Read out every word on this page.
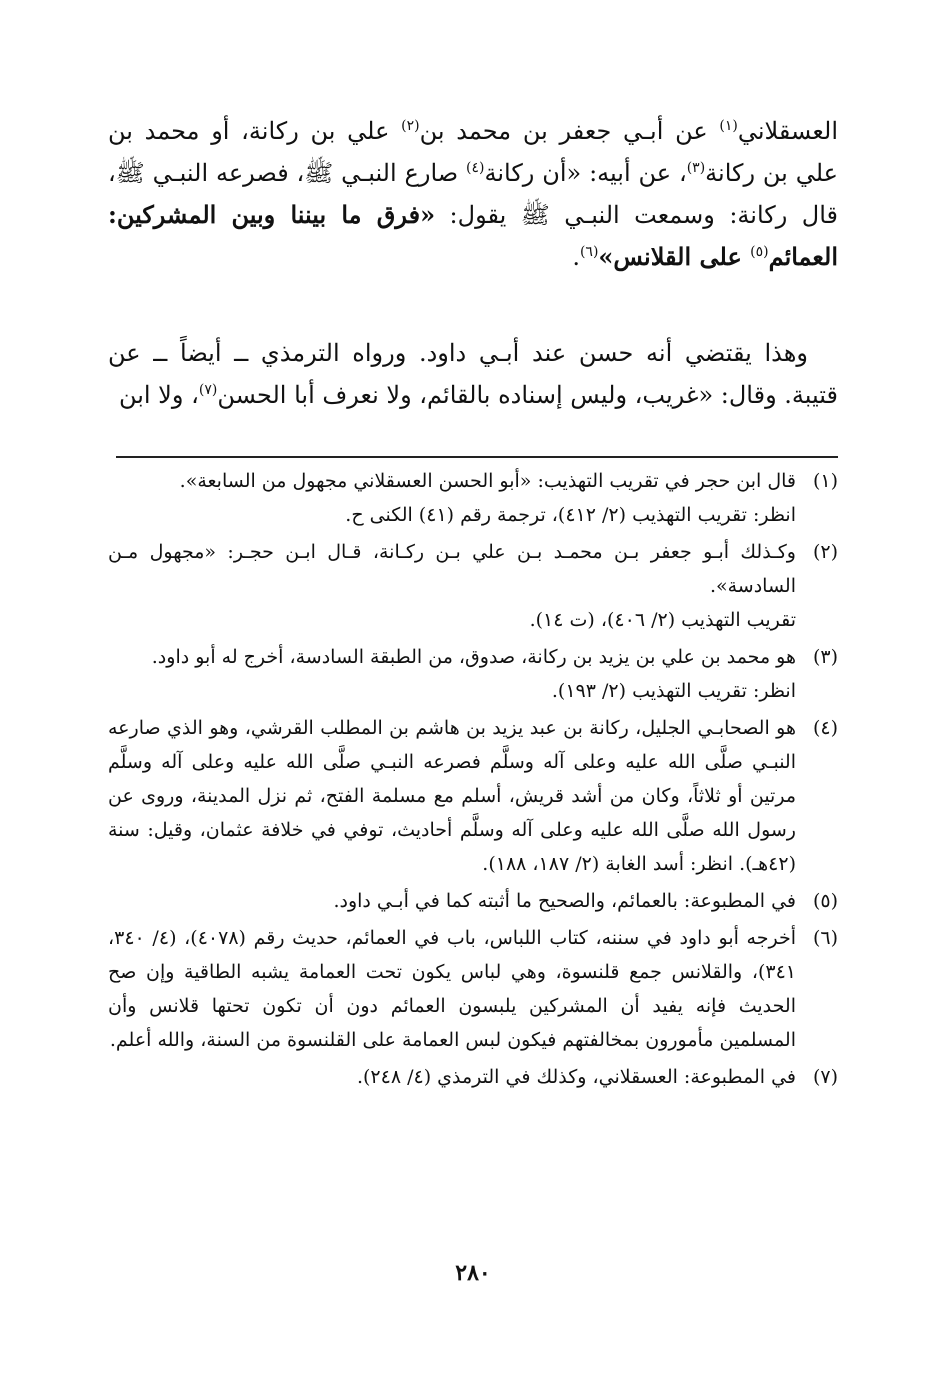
العسقلاني$^{(١)}$ عن أبـي جعفر بن محمد بن$^{(٢)}$ علي بن ركانة، أو محمد بن علي بن ركانة$^{(٣)}$، عن أبيه: «أن ركانة$^{(٤)}$ صارع النبـي ﷺ، فصرعه النبـي ﷺ، قال ركانة: وسمعت النبـي ﷺ يقول: «فرق ما بيننا وبين المشركين: العمائم$^{(٥)}$ على القلانس»$^{(٦)}$.

وهذا يقتضي أنه حسن عند أبـي داود. ورواه الترمذي ــ أيضاً ــ عن قتيبة. وقال: «غريب، وليس إسناده بالقائم، ولا نعرف أبا الحسن$^{(٧)}$، ولا ابن

(١)
قال ابن حجر في تقريب التهذيب: «أبو الحسن العسقلاني مجهول من السابعة».
انظر: تقريب التهذيب (٢/ ٤١٢)، ترجمة رقم (٤١) الكنى ح.
(٢)
وكـذلك أبـو جعفر بـن محمـد بـن علي بـن ركـانة، قـال ابـن حجـر: «مجهول مـن السادسة».
تقريب التهذيب (٢/ ٤٠٦)، (ت ١٤).
(٣)
هو محمد بن علي بن يزيد بن ركانة، صدوق، من الطبقة السادسة، أخرج له أبو داود.
انظر: تقريب التهذيب (٢/ ١٩٣).
(٤)
هو الصحابـي الجليل، ركانة بن عبد يزيد بن هاشم بن المطلب القرشي، وهو الذي صارعه النبـي صلَّى الله عليه وعلى آله وسلَّم فصرعه النبـي صلَّى الله عليه وعلى آله وسلَّم مرتين أو ثلاثاً، وكان من أشد قريش، أسلم مع مسلمة الفتح، ثم نزل المدينة، وروى عن رسول الله صلَّى الله عليه وعلى آله وسلَّم أحاديث، توفي في خلافة عثمان، وقيل: سنة (٤٢هـ). انظر: أسد الغابة (٢/ ١٨٧، ١٨٨).
(٥)
في المطبوعة: بالعمائم، والصحيح ما أثبته كما في أبـي داود.
(٦)
أخرجه أبو داود في سننه، كتاب اللباس، باب في العمائم، حديث رقم (٤٠٧٨)، (٤/ ٣٤٠، ٣٤١)، والقلانس جمع قلنسوة، وهي لباس يكون تحت العمامة يشبه الطاقية وإن صح الحديث فإنه يفيد أن المشركين يلبسون العمائم دون أن تكون تحتها قلانس وأن المسلمين مأمورون بمخالفتهم فيكون لبس العمامة على القلنسوة من السنة، والله أعلم.
(٧)
في المطبوعة: العسقلاني، وكذلك في الترمذي (٤/ ٢٤٨).
٢٨٠
